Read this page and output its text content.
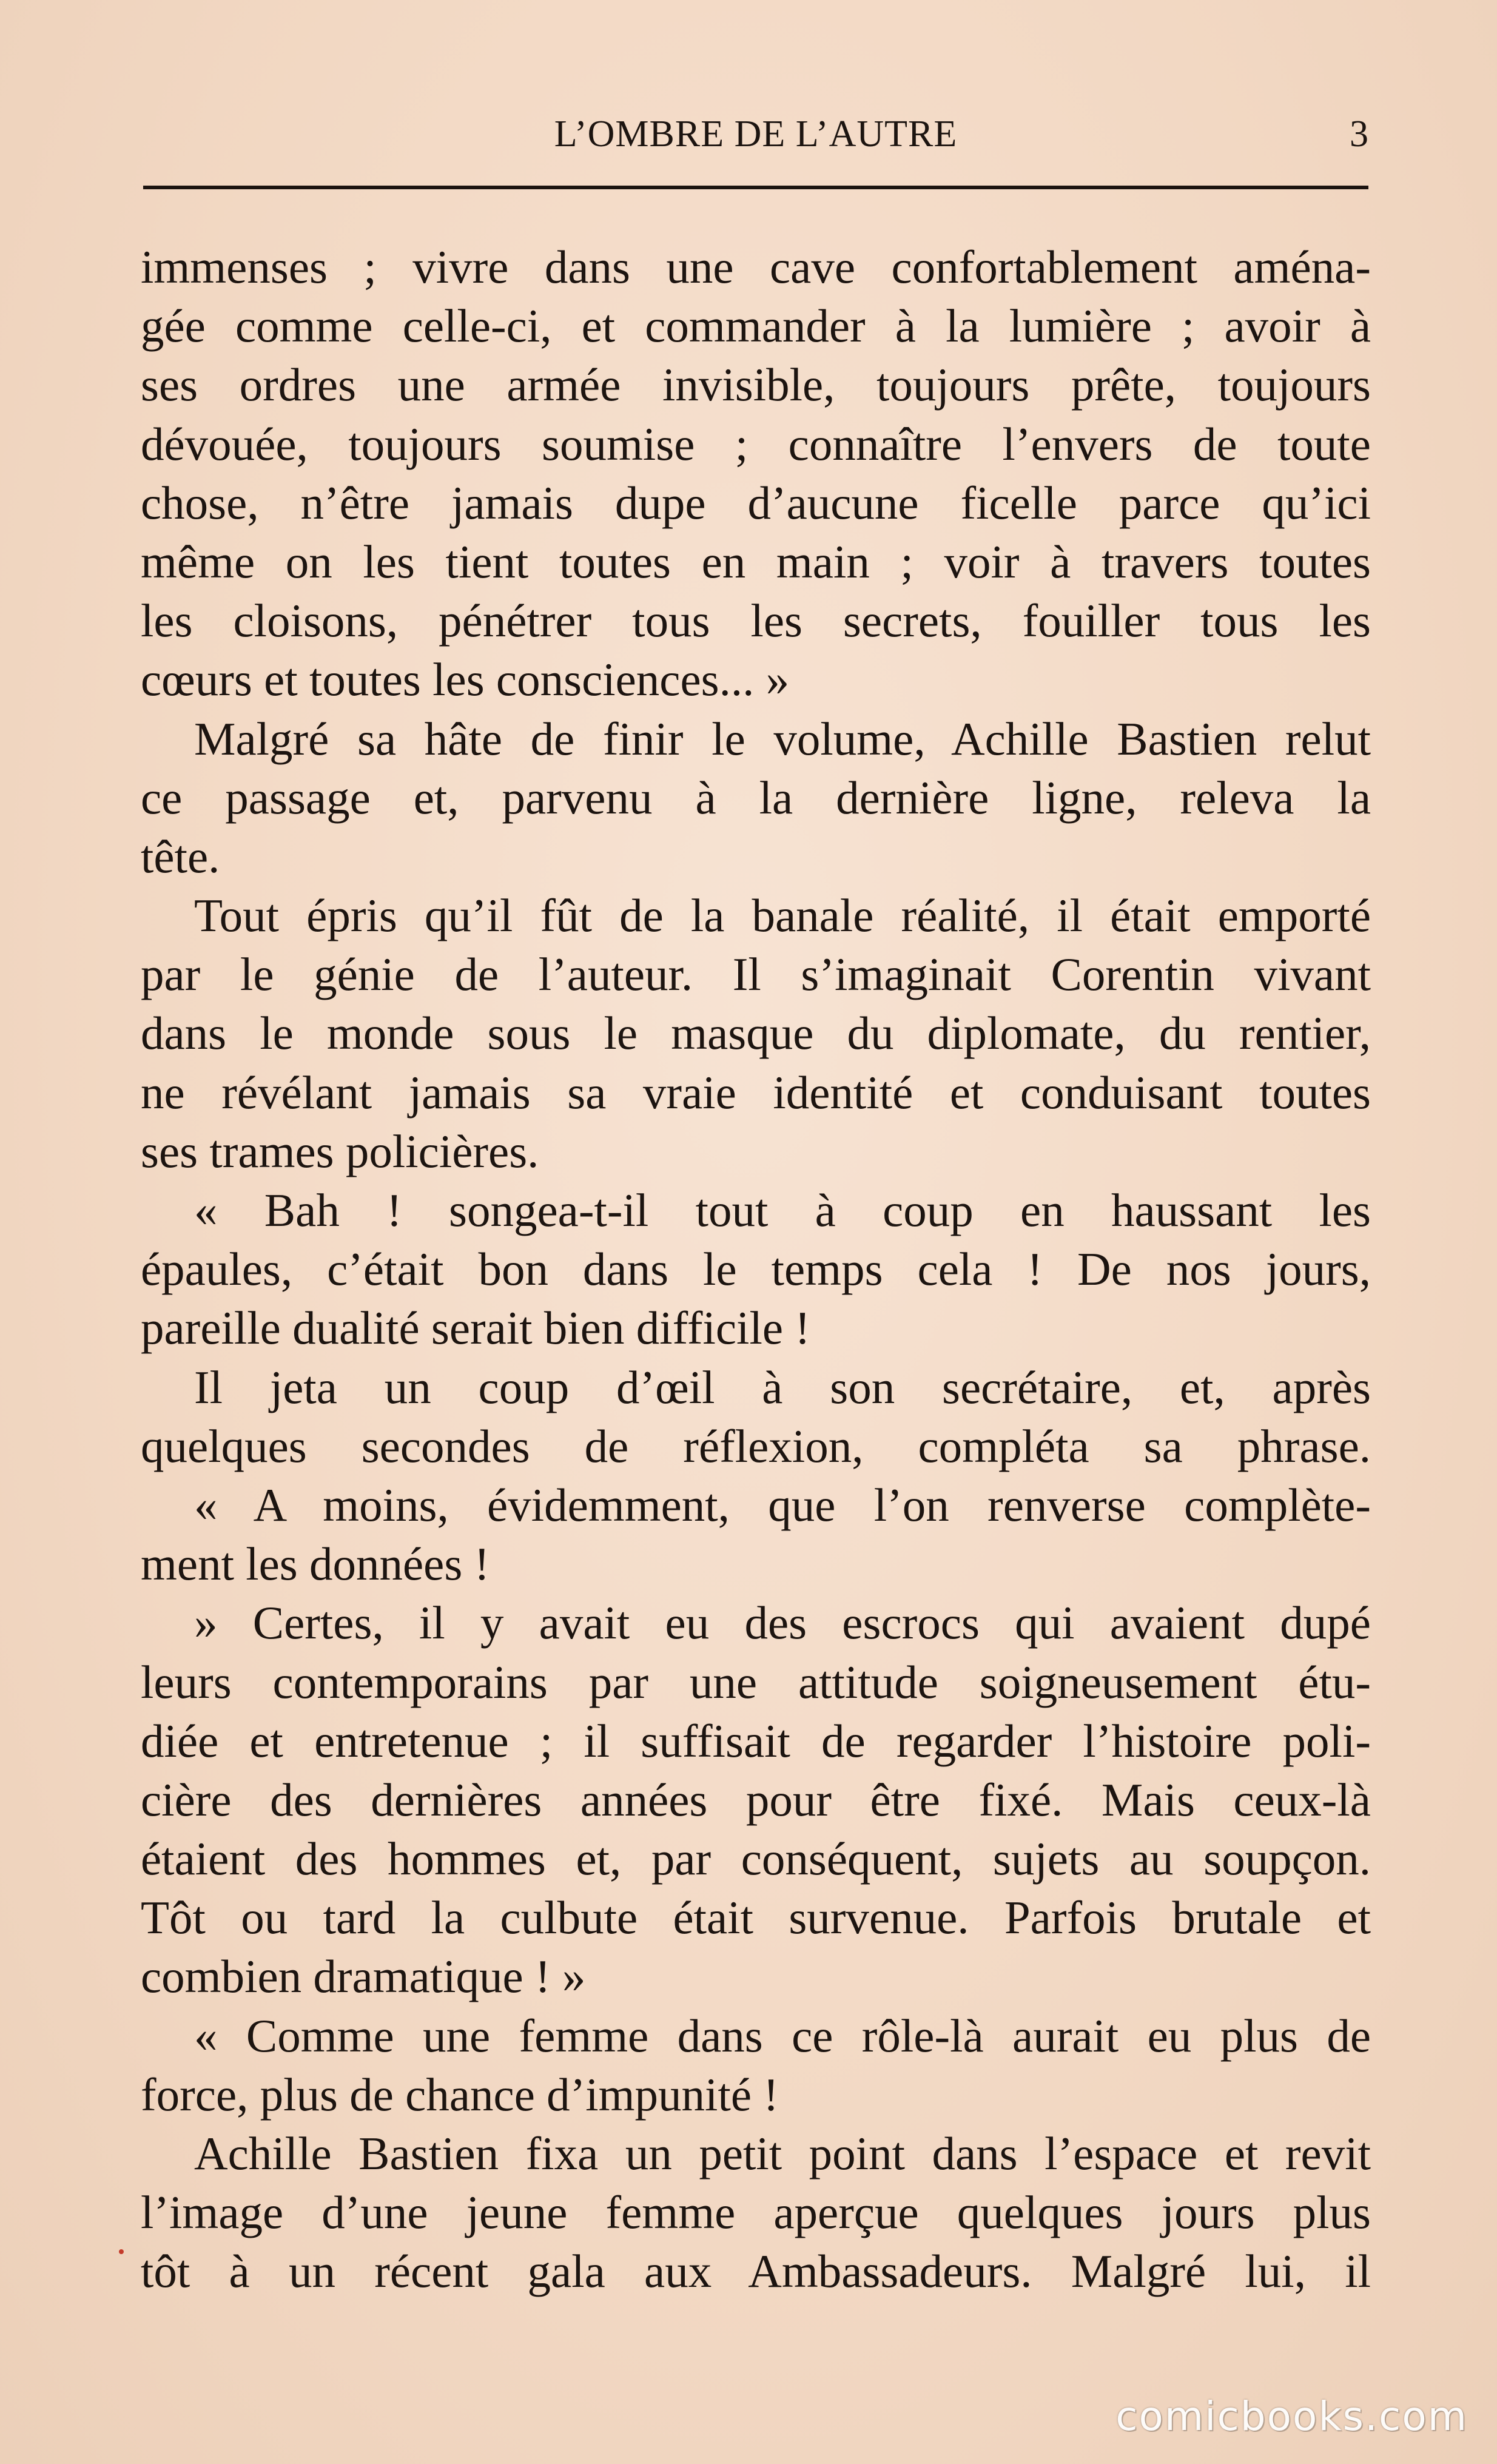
L’OMBRE DE L’AUTRE	3
immenses ; vivre dans une cave confortablement aména-
gée comme celle-ci, et commander à la lumière ; avoir à
ses ordres une armée invisible, toujours prête, toujours
dévouée, toujours soumise ; connaître l’envers de toute
chose, n’être jamais dupe d’aucune ficelle parce qu’ici
même on les tient toutes en main ; voir à travers toutes
les cloisons, pénétrer tous les secrets, fouiller tous les
cœurs et toutes les consciences... »
Malgré sa hâte de finir le volume, Achille Bastien relut
ce passage et, parvenu à la dernière ligne, releva la
tête.
Tout épris qu’il fût de la banale réalité, il était emporté
par le génie de l’auteur. Il s’imaginait Corentin vivant
dans le monde sous le masque du diplomate, du rentier,
ne révélant jamais sa vraie identité et conduisant toutes
ses trames policières.
« Bah ! songea-t-il tout à coup en haussant les
épaules, c’était bon dans le temps cela ! De nos jours,
pareille dualité serait bien difficile !
Il jeta un coup d’œil à son secrétaire, et, après
quelques secondes de réflexion, compléta sa phrase.
« A moins, évidemment, que l’on renverse complète-
ment les données !
» Certes, il y avait eu des escrocs qui avaient dupé
leurs contemporains par une attitude soigneusement étu-
diée et entretenue ; il suffisait de regarder l’histoire poli-
cière des dernières années pour être fixé. Mais ceux-là
étaient des hommes et, par conséquent, sujets au soupçon.
Tôt ou tard la culbute était survenue. Parfois brutale et
combien dramatique ! »
« Comme une femme dans ce rôle-là aurait eu plus de
force, plus de chance d’impunité !
Achille Bastien fixa un petit point dans l’espace et revit
l’image d’une jeune femme aperçue quelques jours plus
tôt à un récent gala aux Ambassadeurs. Malgré lui, il
comicbooks.com
